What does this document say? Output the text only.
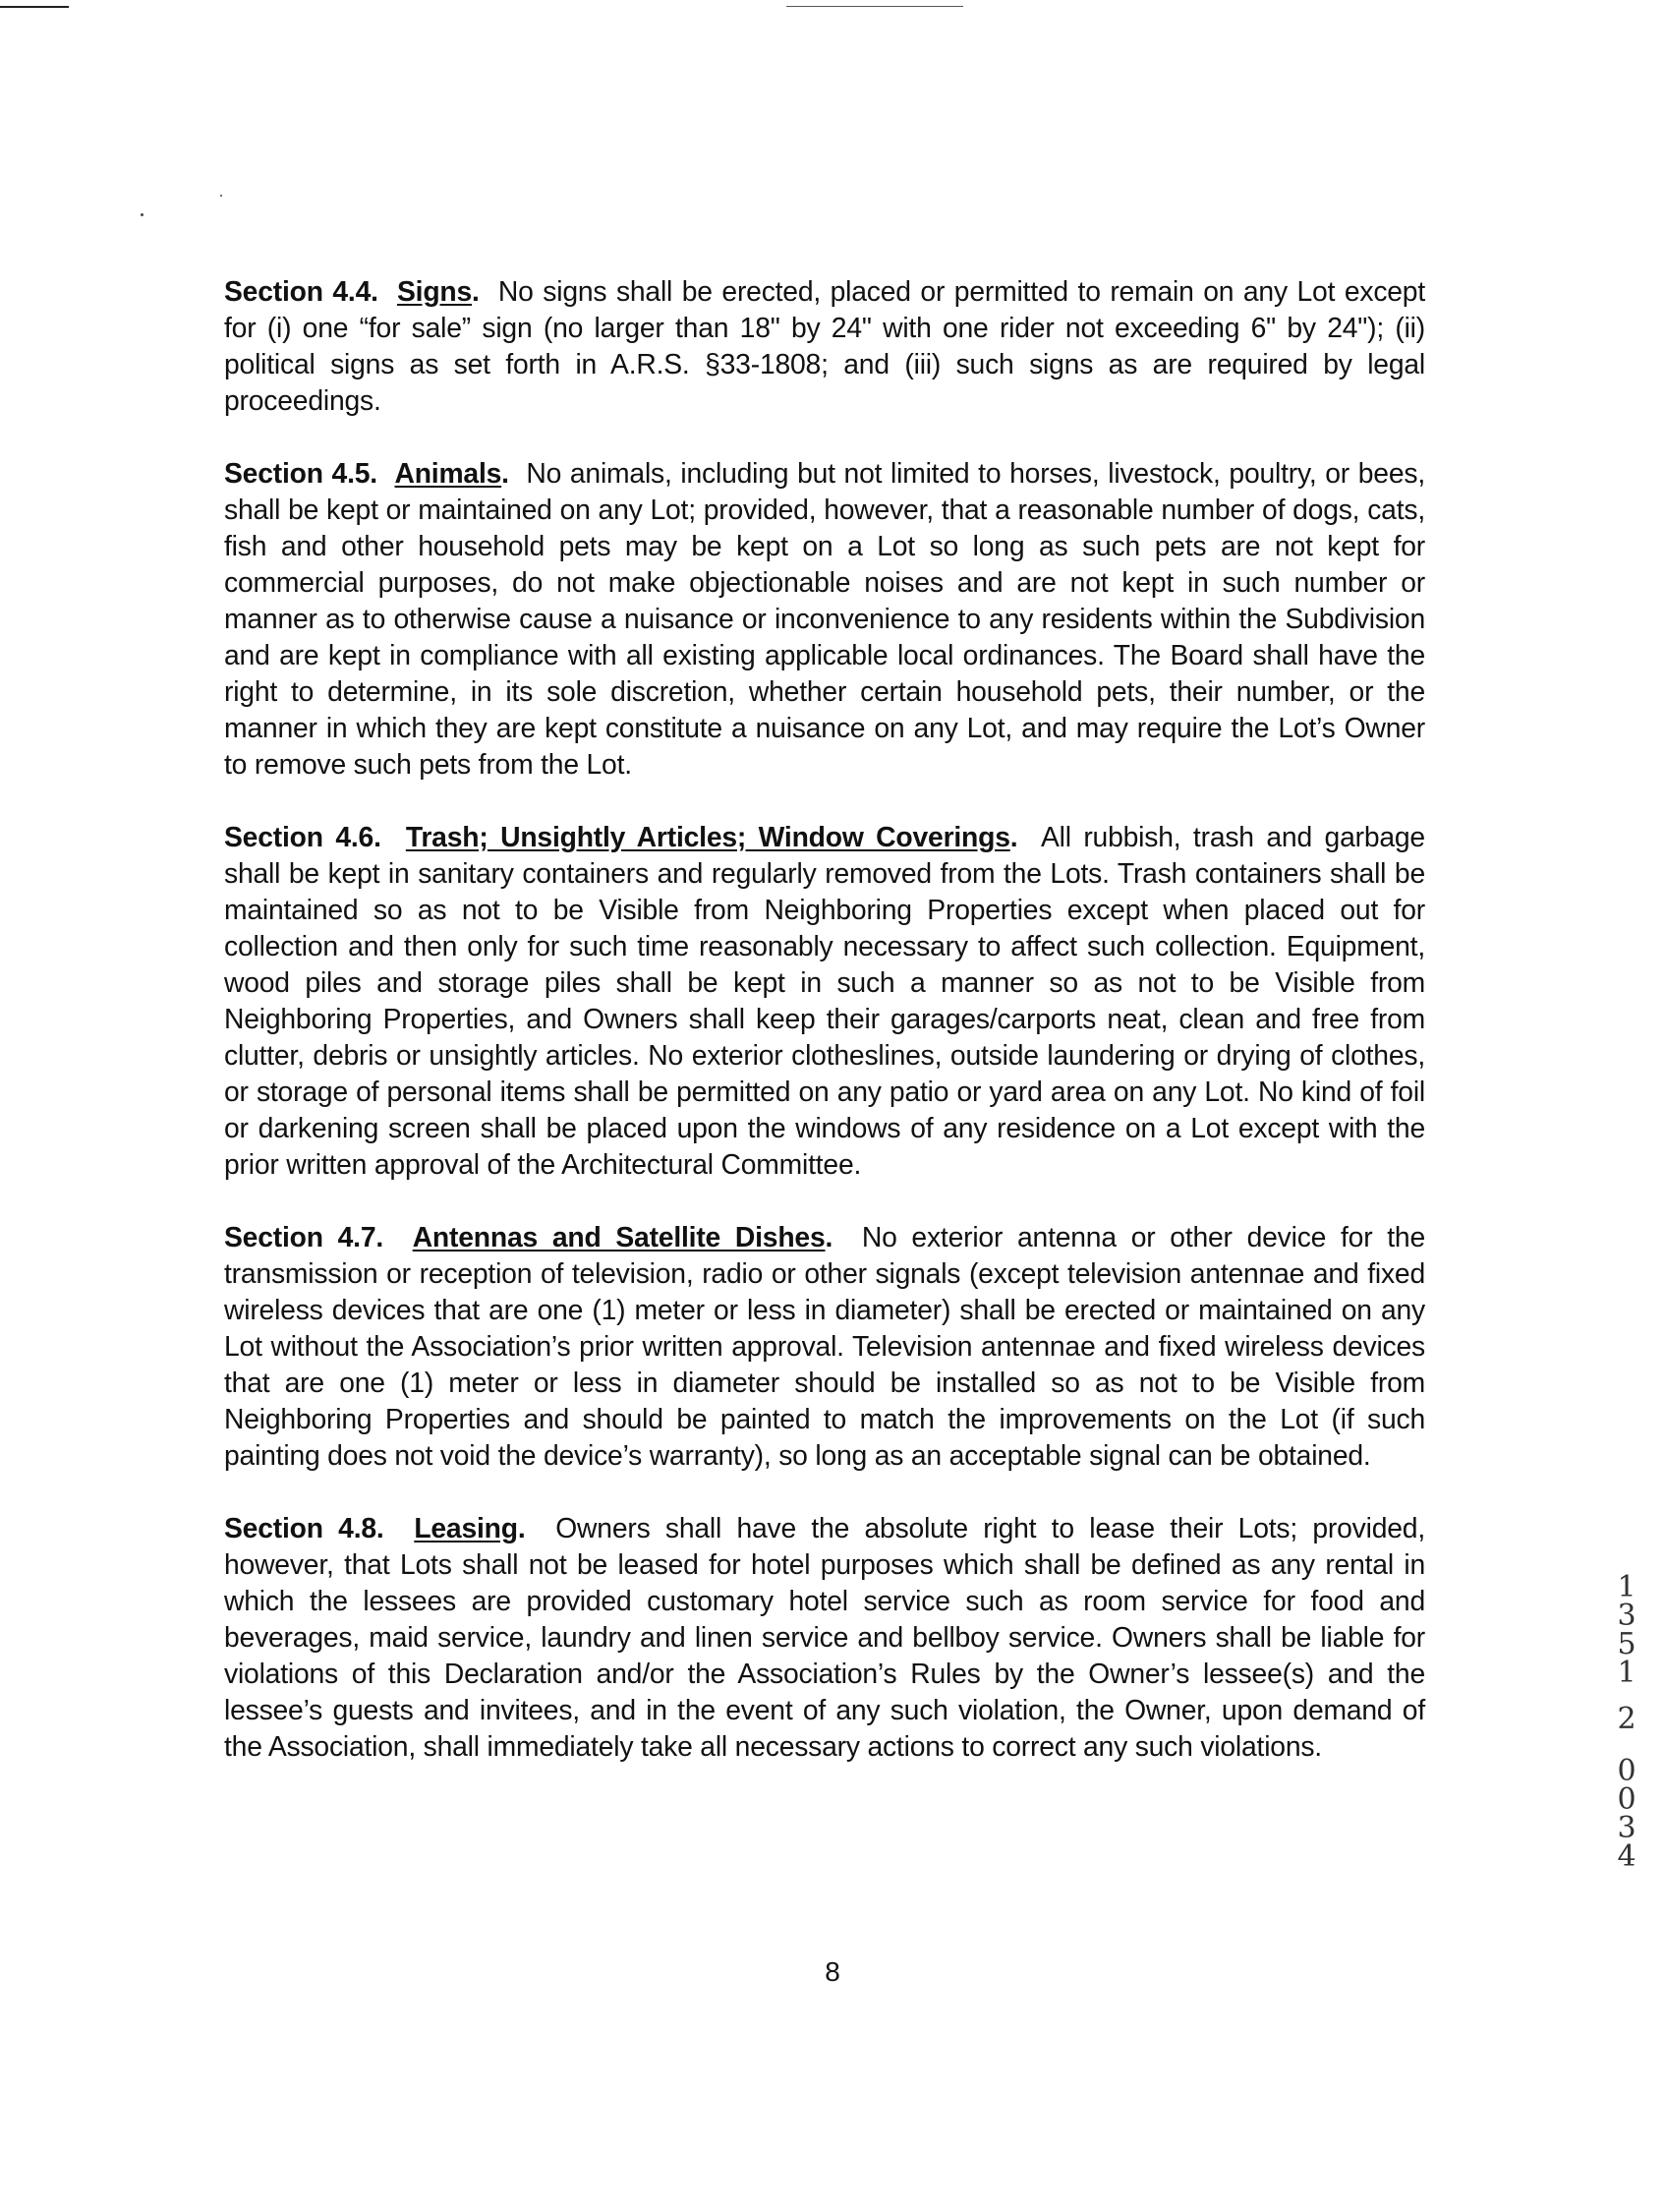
Section 4.4. Signs. No signs shall be erected, placed or permitted to remain on any Lot except for (i) one “for sale” sign (no larger than 18" by 24" with one rider not exceeding 6" by 24"); (ii) political signs as set forth in A.R.S. §33-1808; and (iii) such signs as are required by legal proceedings.

Section 4.5. Animals. No animals, including but not limited to horses, livestock, poultry, or bees, shall be kept or maintained on any Lot; provided, however, that a reasonable number of dogs, cats, fish and other household pets may be kept on a Lot so long as such pets are not kept for commercial purposes, do not make objectionable noises and are not kept in such number or manner as to otherwise cause a nuisance or inconvenience to any residents within the Subdivision and are kept in compliance with all existing applicable local ordinances. The Board shall have the right to determine, in its sole discretion, whether certain household pets, their number, or the manner in which they are kept constitute a nuisance on any Lot, and may require the Lot’s Owner to remove such pets from the Lot.

Section 4.6. Trash; Unsightly Articles; Window Coverings. All rubbish, trash and garbage shall be kept in sanitary containers and regularly removed from the Lots. Trash containers shall be maintained so as not to be Visible from Neighboring Properties except when placed out for collection and then only for such time reasonably necessary to affect such collection. Equipment, wood piles and storage piles shall be kept in such a manner so as not to be Visible from Neighboring Properties, and Owners shall keep their garages/carports neat, clean and free from clutter, debris or unsightly articles. No exterior clotheslines, outside laundering or drying of clothes, or storage of personal items shall be permitted on any patio or yard area on any Lot. No kind of foil or darkening screen shall be placed upon the windows of any residence on a Lot except with the prior written approval of the Architectural Committee.

Section 4.7. Antennas and Satellite Dishes. No exterior antenna or other device for the transmission or reception of television, radio or other signals (except television antennae and fixed wireless devices that are one (1) meter or less in diameter) shall be erected or maintained on any Lot without the Association’s prior written approval. Television antennae and fixed wireless devices that are one (1) meter or less in diameter should be installed so as not to be Visible from Neighboring Properties and should be painted to match the improvements on the Lot (if such painting does not void the device’s warranty), so long as an acceptable signal can be obtained.

Section 4.8. Leasing. Owners shall have the absolute right to lease their Lots; provided, however, that Lots shall not be leased for hotel purposes which shall be defined as any rental in which the lessees are provided customary hotel service such as room service for food and beverages, maid service, laundry and linen service and bellboy service. Owners shall be liable for violations of this Declaration and/or the Association’s Rules by the Owner’s lessee(s) and the lessee’s guests and invitees, and in the event of any such violation, the Owner, upon demand of the Association, shall immediately take all necessary actions to correct any such violations.

8
1
3
5
1
2
0
0
3
4
